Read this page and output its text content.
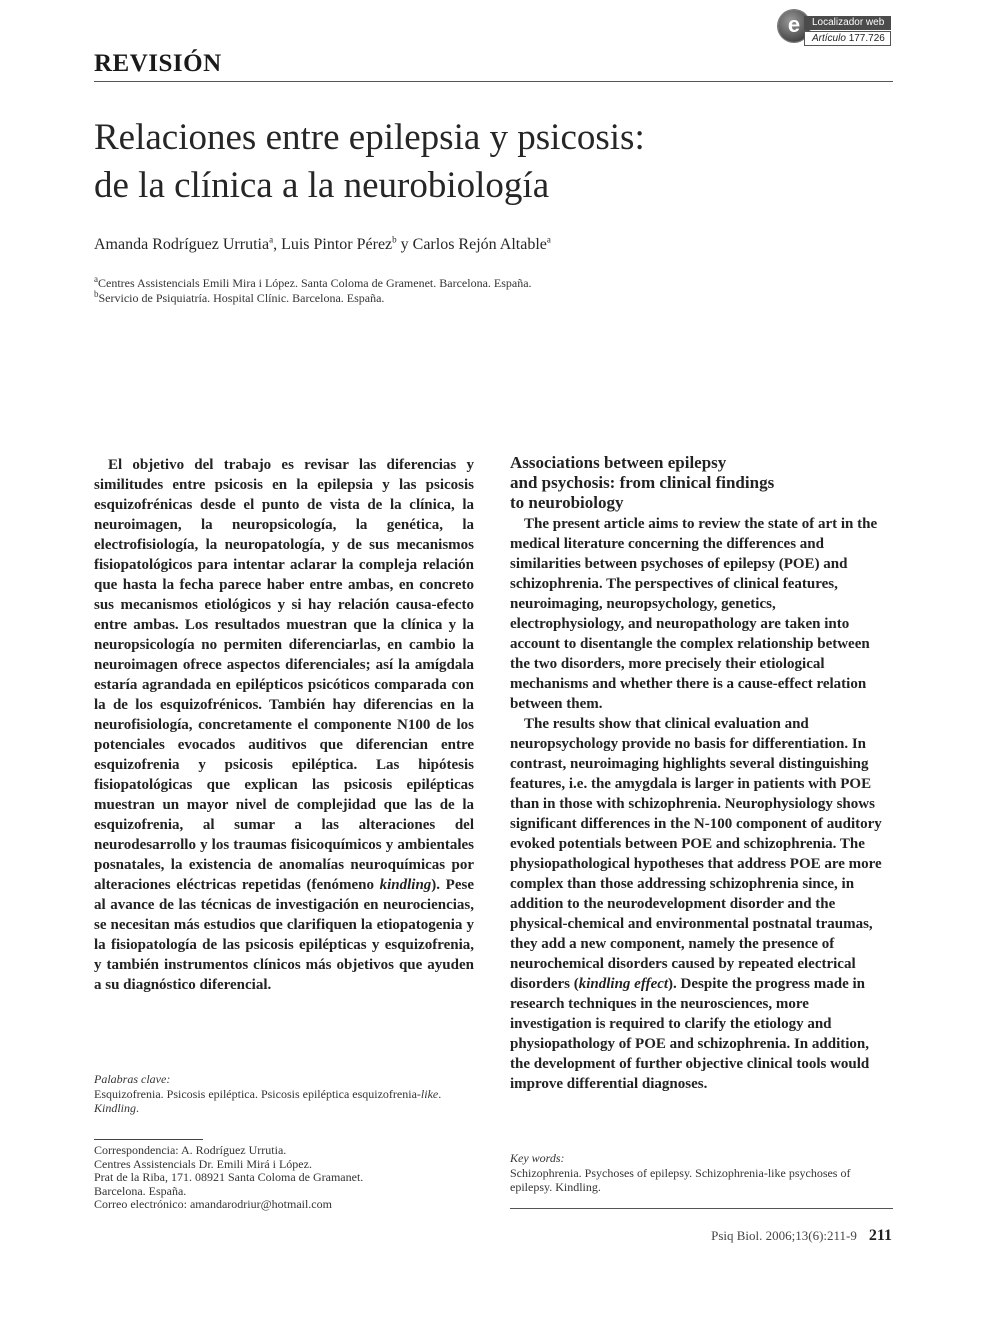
e	Localizador web
Artículo 177.726
REVISIÓN
Relaciones entre epilepsia y psicosis:
de la clínica a la neurobiología
Amanda Rodríguez Urrutia$^a$, Luis Pintor Pérez$^b$ y Carlos Rejón Altable$^a$
$^a$Centres Assistencials Emili Mira i López. Santa Coloma de Gramenet. Barcelona. España.
$^b$Servicio de Psiquiatría. Hospital Clínic. Barcelona. España.
El objetivo del trabajo es revisar las diferencias y similitudes entre psicosis en la epilepsia y las psicosis esquizofrénicas desde el punto de vista de la clínica, la neuroimagen, la neuropsicología, la genética, la electrofisiología, la neuropatología, y de sus mecanismos fisiopatológicos para intentar aclarar la compleja relación que hasta la fecha parece haber entre ambas, en concreto sus mecanismos etiológicos y si hay relación causa-efecto entre ambas. Los resultados muestran que la clínica y la neuropsicología no permiten diferenciarlas, en cambio la neuroimagen ofrece aspectos diferenciales; así la amígdala estaría agrandada en epilépticos psicóticos comparada con la de los esquizofrénicos. También hay diferencias en la neurofisiología, concretamente el componente N100 de los potenciales evocados auditivos que diferencian entre esquizofrenia y psicosis epiléptica. Las hipótesis fisiopatológicas que explican las psicosis epilépticas muestran un mayor nivel de complejidad que las de la esquizofrenia, al sumar a las alteraciones del neurodesarrollo y los traumas fisicoquímicos y ambientales posnatales, la existencia de anomalías neuroquímicas por alteraciones eléctricas repetidas (fenómeno kindling). Pese al avance de las técnicas de investigación en neurociencias, se necesitan más estudios que clarifiquen la etiopatogenia y la fisiopatología de las psicosis epilépticas y esquizofrenia, y también instrumentos clínicos más objetivos que ayuden a su diagnóstico diferencial.
Palabras clave:
Esquizofrenia. Psicosis epiléptica. Psicosis epiléptica esquizofrenia-like. Kindling.
Correspondencia: A. Rodríguez Urrutia.
Centres Assistencials Dr. Emili Mirá i López.
Prat de la Riba, 171. 08921 Santa Coloma de Gramanet.
Barcelona. España.
Correo electrónico: amandarodriur@hotmail.com
Associations between epilepsy
and psychosis: from clinical findings
to neurobiology

The present article aims to review the state of art in the medical literature concerning the differences and similarities between psychoses of epilepsy (POE) and schizophrenia. The perspectives of clinical features, neuroimaging, neuropsychology, genetics, electrophysiology, and neuropathology are taken into account to disentangle the complex relationship between the two disorders, more precisely their etiological mechanisms and whether there is a cause-effect relation between them.

The results show that clinical evaluation and neuropsychology provide no basis for differentiation. In contrast, neuroimaging highlights several distinguishing features, i.e. the amygdala is larger in patients with POE than in those with schizophrenia. Neurophysiology shows significant differences in the N-100 component of auditory evoked potentials between POE and schizophrenia. The physiopathological hypotheses that address POE are more complex than those addressing schizophrenia since, in addition to the neurodevelopment disorder and the physical-chemical and environmental postnatal traumas, they add a new component, namely the presence of neurochemical disorders caused by repeated electrical disorders (kindling effect). Despite the progress made in research techniques in the neurosciences, more investigation is required to clarify the etiology and physiopathology of POE and schizophrenia. In addition, the development of further objective clinical tools would improve differential diagnoses.

Key words:
Schizophrenia. Psychoses of epilepsy. Schizophrenia-like psychoses of epilepsy. Kindling.
Psiq Biol. 2006;13(6):211-9 211
